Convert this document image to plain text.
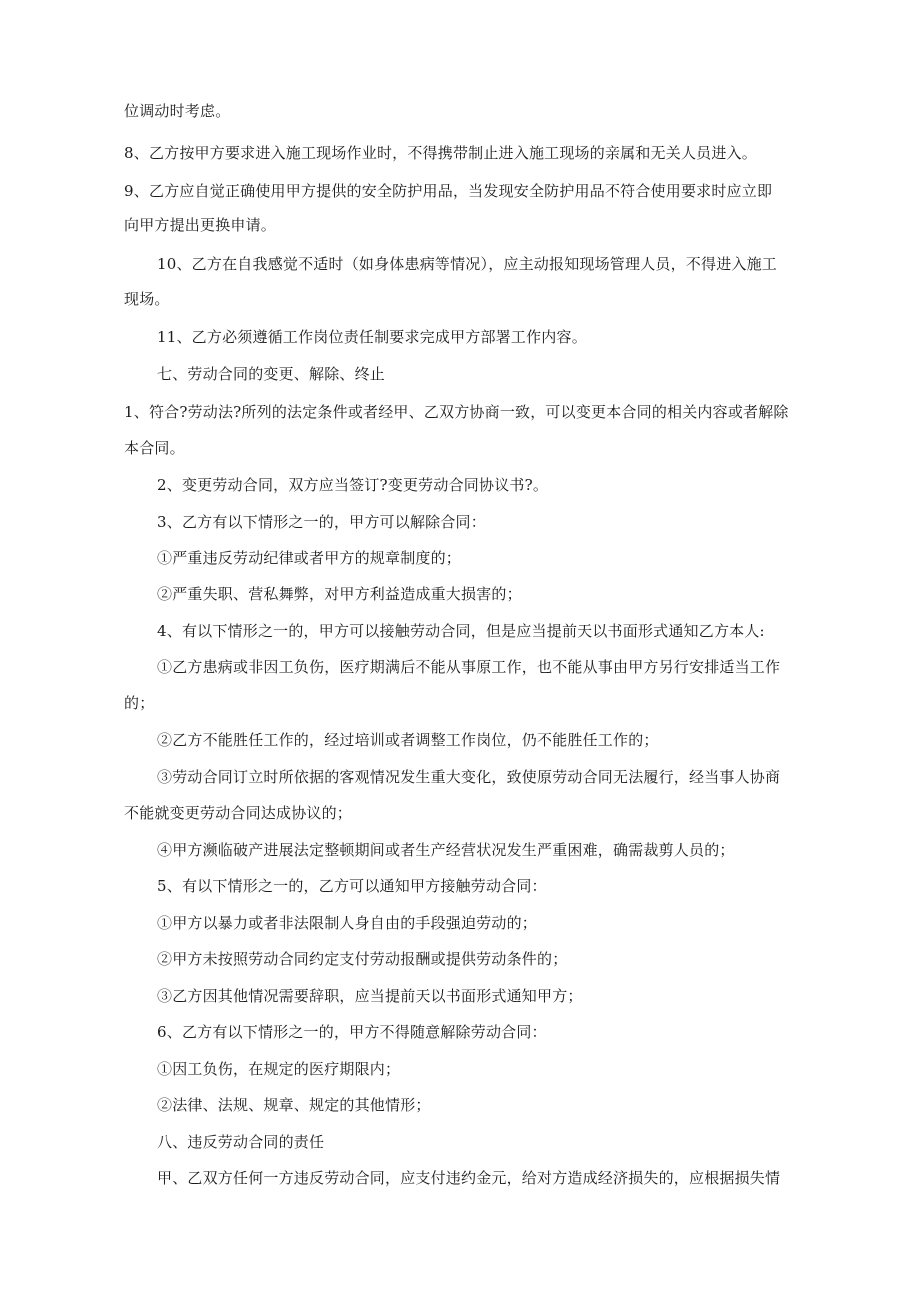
位调动时考虑。
8、乙方按甲方要求进入施工现场作业时，不得携带制止进入施工现场的亲属和无关人员进入。
9、乙方应自觉正确使用甲方提供的安全防护用品，当发现安全防护用品不符合使用要求时应立即
向甲方提出更换申请。
10、乙方在自我感觉不适时（如身体患病等情况），应主动报知现场管理人员，不得进入施工
现场。
11、乙方必须遵循工作岗位责任制要求完成甲方部署工作内容。
七、劳动合同的变更、解除、终止
1、符合?劳动法?所列的法定条件或者经甲、乙双方协商一致，可以变更本合同的相关内容或者解除
本合同。
2、变更劳动合同，双方应当签订?变更劳动合同协议书?。
3、乙方有以下情形之一的，甲方可以解除合同：
①严重违反劳动纪律或者甲方的规章制度的；
②严重失职、营私舞弊，对甲方利益造成重大损害的；
4、有以下情形之一的，甲方可以接触劳动合同，但是应当提前天以书面形式通知乙方本人:
①乙方患病或非因工负伤，医疗期满后不能从事原工作，也不能从事由甲方另行安排适当工作
的；
②乙方不能胜任工作的，经过培训或者调整工作岗位，仍不能胜任工作的；
③劳动合同订立时所依据的客观情况发生重大变化，致使原劳动合同无法履行，经当事人协商
不能就变更劳动合同达成协议的；
④甲方濒临破产进展法定整顿期间或者生产经营状况发生严重困难，确需裁剪人员的；
5、有以下情形之一的，乙方可以通知甲方接触劳动合同：
①甲方以暴力或者非法限制人身自由的手段强迫劳动的；
②甲方未按照劳动合同约定支付劳动报酬或提供劳动条件的；
③乙方因其他情况需要辞职，应当提前天以书面形式通知甲方；
6、乙方有以下情形之一的，甲方不得随意解除劳动合同：
①因工负伤，在规定的医疗期限内；
②法律、法规、规章、规定的其他情形；
八、违反劳动合同的责任
甲、乙双方任何一方违反劳动合同，应支付违约金元，给对方造成经济损失的，应根据损失情
